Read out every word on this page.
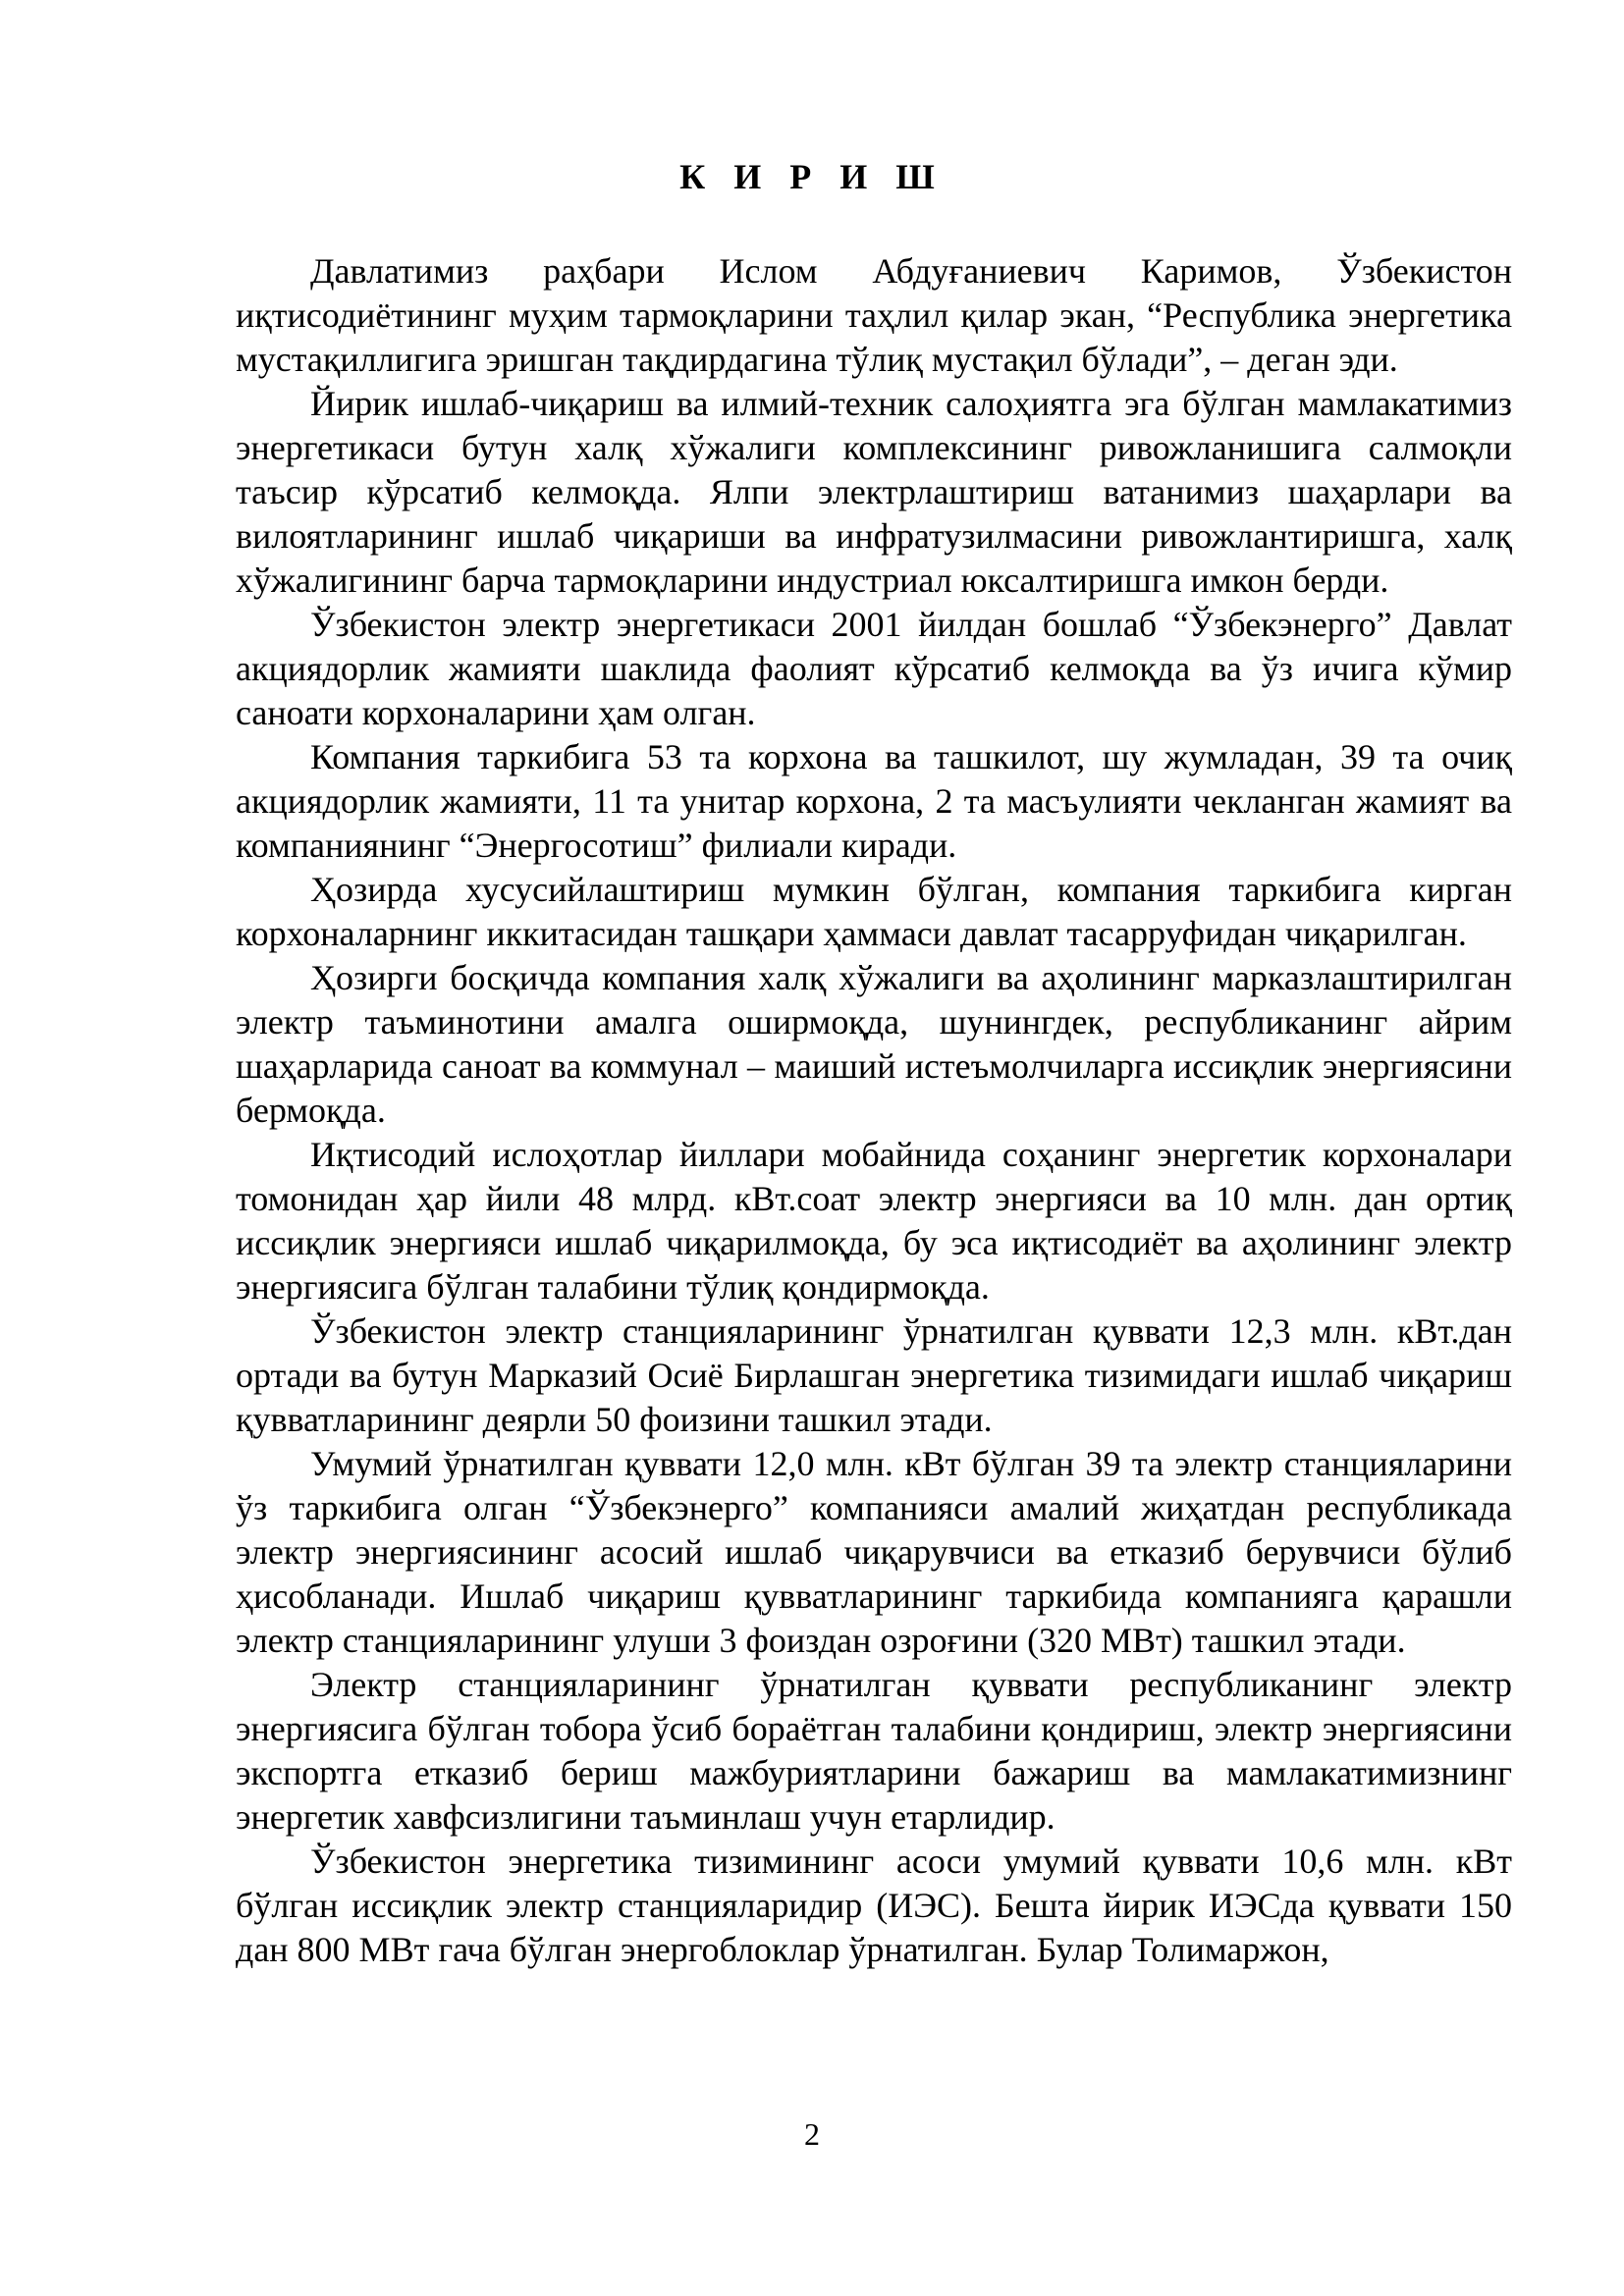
К И Р И Ш

Давлатимиз раҳбари Ислом Абдуғаниевич Каримов, Ўзбекистон иқтисодиётининг муҳим тармоқларини таҳлил қилар экан, “Республика энергетика мустақиллигига эришган тақдирдагина тўлиқ мустақил бўлади”, – деган эди.

Йирик ишлаб-чиқариш ва илмий-техник салоҳиятга эга бўлган мамлакатимиз энергетикаси бутун халқ хўжалиги комплексининг ривожланишига салмоқли таъсир кўрсатиб келмоқда. Ялпи электрлаштириш ватанимиз шаҳарлари ва вилоятларининг ишлаб чиқариши ва инфратузилмасини ривожлантиришга, халқ хўжалигининг барча тармоқларини индустриал юксалтиришга имкон берди.

Ўзбекистон электр энергетикаси 2001 йилдан бошлаб “Ўзбекэнерго” Давлат акциядорлик жамияти шаклида фаолият кўрсатиб келмоқда ва ўз ичига кўмир саноати корхоналарини ҳам олган.

Компания таркибига 53 та корхона ва ташкилот, шу жумладан, 39 та очиқ акциядорлик жамияти, 11 та унитар корхона, 2 та масъулияти чекланган жамият ва компаниянинг “Энергосотиш” филиали киради.

Ҳозирда хусусийлаштириш мумкин бўлган, компания таркибига кирган корхоналарнинг иккитасидан ташқари ҳаммаси давлат тасарруфидан чиқарилган.

Ҳозирги босқичда компания халқ хўжалиги ва аҳолининг марказлаштирилган электр таъминотини амалга оширмоқда, шунингдек, республиканинг айрим шаҳарларида саноат ва коммунал – маиший истеъмолчиларга иссиқлик энергиясини бермоқда.

Иқтисодий ислоҳотлар йиллари мобайнида соҳанинг энергетик корхоналари томонидан ҳар йили 48 млрд. кВт.соат электр энергияси ва 10 млн. дан ортиқ иссиқлик энергияси ишлаб чиқарилмоқда, бу эса иқтисодиёт ва аҳолининг электр энергиясига бўлган талабини тўлиқ қондирмоқда.

Ўзбекистон электр станцияларининг ўрнатилган қуввати 12,3 млн. кВт.дан ортади ва бутун Марказий Осиё Бирлашган энергетика тизимидаги ишлаб чиқариш қувватларининг деярли 50 фоизини ташкил этади.

Умумий ўрнатилган қуввати 12,0 млн. кВт бўлган 39 та электр станцияларини ўз таркибига олган “Ўзбекэнерго” компанияси амалий жиҳатдан республикада электр энергиясининг асосий ишлаб чиқарувчиси ва етказиб берувчиси бўлиб ҳисобланади. Ишлаб чиқариш қувватларининг таркибида компанияга қарашли электр станцияларининг улуши 3 фоиздан озроғини (320 МВт) ташкил этади.

Электр станцияларининг ўрнатилган қуввати республиканинг электр энергиясига бўлган тобора ўсиб бораётган талабини қондириш, электр энергиясини экспортга етказиб бериш мажбуриятларини бажариш ва мамлакатимизнинг энергетик хавфсизлигини таъминлаш учун етарлидир.

Ўзбекистон энергетика тизимининг асоси умумий қуввати 10,6 млн. кВт бўлган иссиқлик электр станцияларидир (ИЭС). Бешта йирик ИЭСда қуввати 150 дан 800 МВт гача бўлган энергоблоклар ўрнатилган. Булар Толимаржон,

2
